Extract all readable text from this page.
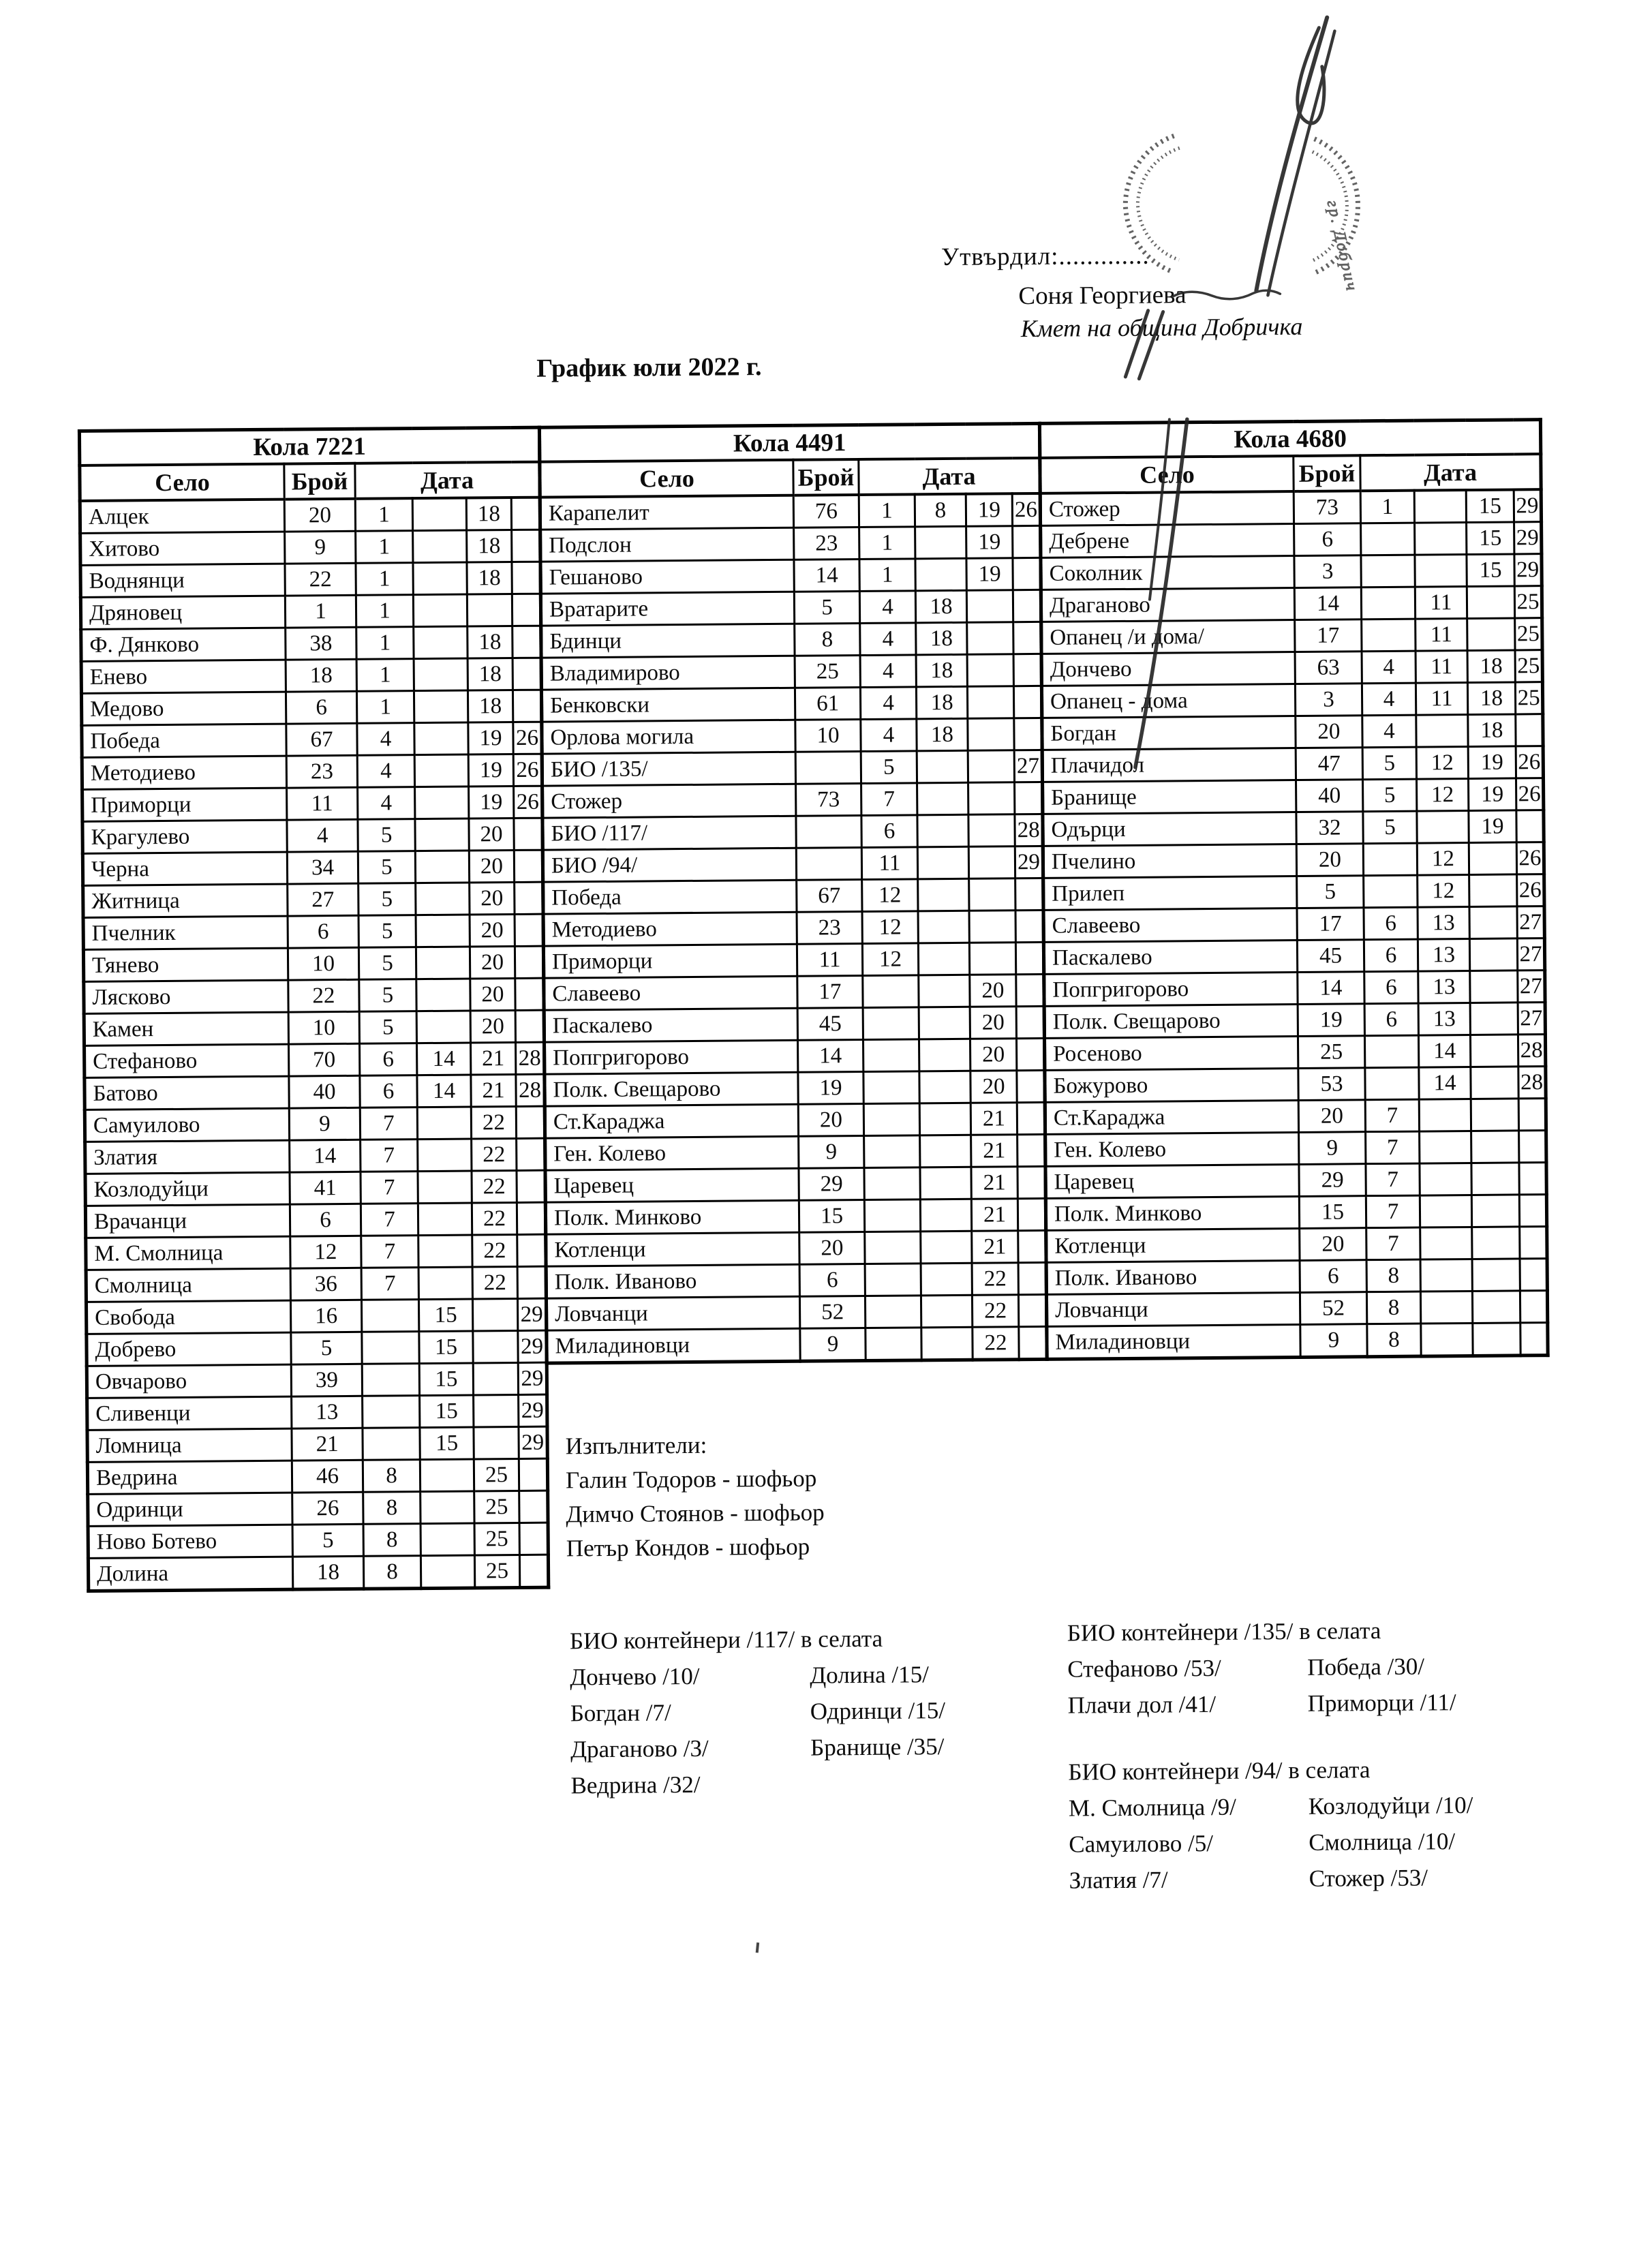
Утвърдил:.............
Соня Георгиева
Кмет на община Добричка
График юли 2022 г.
Кола 7221					
Село	Брой	Дата			
Алцек	20	1		18	
Хитово	9	1		18	
Воднянци	22	1		18	
Дряновец	1	1			
Ф. Дянково	38	1		18	
Енево	18	1		18	
Медово	6	1		18	
Победа	67	4		19	26
Методиево	23	4		19	26
Приморци	11	4		19	26
Крагулево	4	5		20	
Черна	34	5		20	
Житница	27	5		20	
Пчелник	6	5		20	
Тянево	10	5		20	
Лясково	22	5		20	
Камен	10	5		20	
Стефаново	70	6	14	21	28
Батово	40	6	14	21	28
Самуилово	9	7		22	
Златия	14	7		22	
Козлодуйци	41	7		22	
Врачанци	6	7		22	
М. Смолница	12	7		22	
Смолница	36	7		22	
Свобода	16		15		29
Добрево	5		15		29
Овчарово	39		15		29
Сливенци	13		15		29
Ломница	21		15		29
Ведрина	46	8		25	
Одринци	26	8		25	
Ново Ботево	5	8		25	
Долина	18	8		25	
Кола 4491					
Село	Брой	Дата			
Карапелит	76	1	8	19	26
Подслон	23	1		19	
Гешаново	14	1		19	
Вратарите	5	4	18		
Бдинци	8	4	18		
Владимирово	25	4	18		
Бенковски	61	4	18		
Орлова могила	10	4	18		
БИО /135/		5			27
Стожер	73	7			
БИО /117/		6			28
БИО /94/		11			29
Победа	67	12			
Методиево	23	12			
Приморци	11	12			
Славеево	17			20	
Паскалево	45			20	
Попгригорово	14			20	
Полк. Свещарово	19			20	
Ст.Караджа	20			21	
Ген. Колево	9			21	
Царевец	29			21	
Полк. Минково	15			21	
Котленци	20			21	
Полк. Иваново	6			22	
Ловчанци	52			22	
Миладиновци	9			22	
Кола 4680					
Село	Брой	Дата			
Стожер	73	1		15	29
Дебрене	6			15	29
Соколник	3			15	29
Драганово	14		11		25
Опанец /и дома/	17		11		25
Дончево	63	4	11	18	25
Опанец - дома	3	4	11	18	25
Богдан	20	4		18	
Плачидол	47	5	12	19	26
Бранище	40	5	12	19	26
Одърци	32	5		19	
Пчелино	20		12		26
Прилеп	5		12		26
Славеево	17	6	13		27
Паскалево	45	6	13		27
Попгригорово	14	6	13		27
Полк. Свещарово	19	6	13		27
Росеново	25		14		28
Божурово	53		14		28
Ст.Караджа	20	7			
Ген. Колево	9	7			
Царевец	29	7			
Полк. Минково	15	7			
Котленци	20	7			
Полк. Иваново	6	8			
Ловчанци	52	8			
Миладиновци	9	8			
Изпълнители:
Галин Тодоров - шофьор
Димчо Стоянов - шофьор
Петър Кондов - шофьор
БИО контейнери /117/ в селата
Дончево /10/
Богдан /7/
Драганово /3/
Ведрина /32/
Долина /15/
Одринци /15/
Бранище /35/
БИО контейнери /135/ в селата
Стефаново /53/
Плачи дол /41/
Победа /30/
Приморци /11/
БИО контейнери /94/ в селата
М. Смолница /9/
Самуилово /5/
Златия /7/
Козлодуйци /10/
Смолница /10/
Стожер /53/
гр. Добрич
